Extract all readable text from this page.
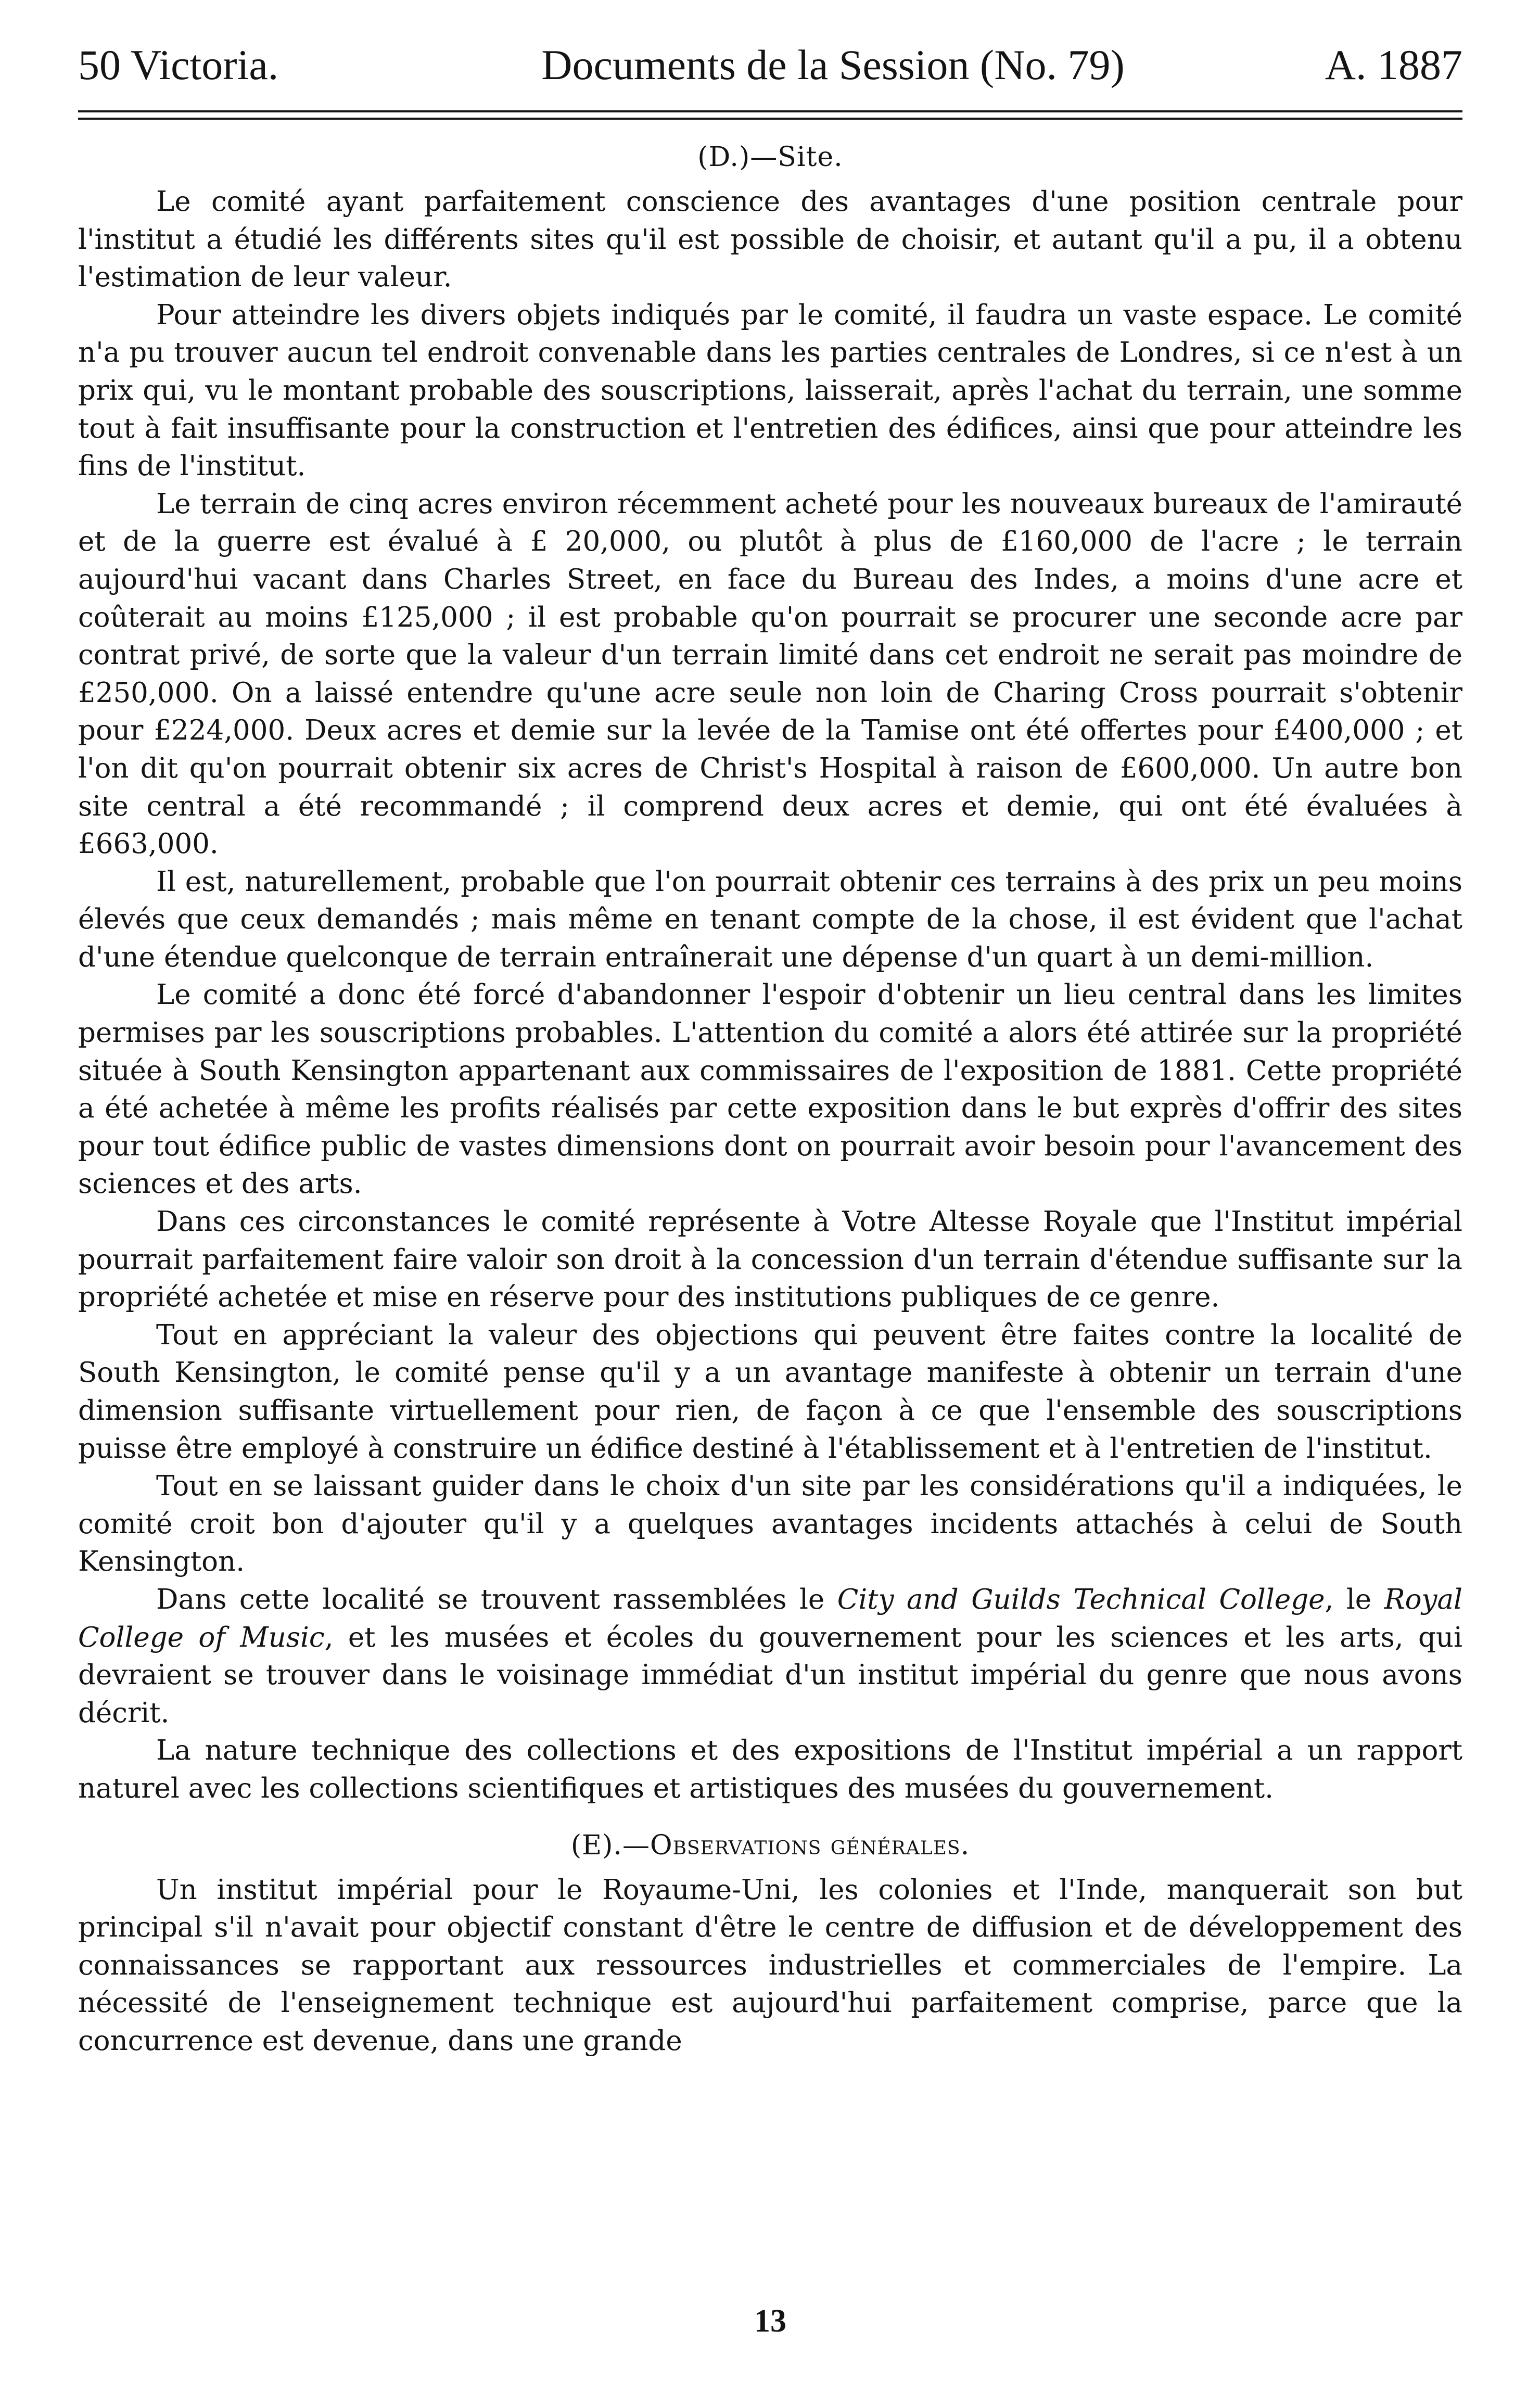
50 Victoria.	Documents de la Session (No. 79)	A. 1887
(D.)—Site.

Le comité ayant parfaitement conscience des avantages d'une position centrale pour l'institut a étudié les différents sites qu'il est possible de choisir, et autant qu'il a pu, il a obtenu l'estimation de leur valeur.

Pour atteindre les divers objets indiqués par le comité, il faudra un vaste espace. Le comité n'a pu trouver aucun tel endroit convenable dans les parties centrales de Londres, si ce n'est à un prix qui, vu le montant probable des souscriptions, laisserait, après l'achat du terrain, une somme tout à fait insuffisante pour la construction et l'entretien des édifices, ainsi que pour atteindre les fins de l'institut.

Le terrain de cinq acres environ récemment acheté pour les nouveaux bureaux de l'amirauté et de la guerre est évalué à £ 20,000, ou plutôt à plus de £160,000 de l'acre ; le terrain aujourd'hui vacant dans Charles Street, en face du Bureau des Indes, a moins d'une acre et coûterait au moins £125,000 ; il est probable qu'on pourrait se procurer une seconde acre par contrat privé, de sorte que la valeur d'un terrain limité dans cet endroit ne serait pas moindre de £250,000. On a laissé entendre qu'une acre seule non loin de Charing Cross pourrait s'obtenir pour £224,000. Deux acres et demie sur la levée de la Tamise ont été offertes pour £400,000 ; et l'on dit qu'on pourrait obtenir six acres de Christ's Hospital à raison de £600,000. Un autre bon site central a été recommandé ; il comprend deux acres et demie, qui ont été évaluées à £663,000.

Il est, naturellement, probable que l'on pourrait obtenir ces terrains à des prix un peu moins élevés que ceux demandés ; mais même en tenant compte de la chose, il est évident que l'achat d'une étendue quelconque de terrain entraînerait une dépense d'un quart à un demi-million.

Le comité a donc été forcé d'abandonner l'espoir d'obtenir un lieu central dans les limites permises par les souscriptions probables. L'attention du comité a alors été attirée sur la propriété située à South Kensington appartenant aux commissaires de l'exposition de 1881. Cette propriété a été achetée à même les profits réalisés par cette exposition dans le but exprès d'offrir des sites pour tout édifice public de vastes dimensions dont on pourrait avoir besoin pour l'avancement des sciences et des arts.

Dans ces circonstances le comité représente à Votre Altesse Royale que l'Institut impérial pourrait parfaitement faire valoir son droit à la concession d'un terrain d'étendue suffisante sur la propriété achetée et mise en réserve pour des institutions publiques de ce genre.

Tout en appréciant la valeur des objections qui peuvent être faites contre la localité de South Kensington, le comité pense qu'il y a un avantage manifeste à obtenir un terrain d'une dimension suffisante virtuellement pour rien, de façon à ce que l'ensemble des souscriptions puisse être employé à construire un édifice destiné à l'établissement et à l'entretien de l'institut.

Tout en se laissant guider dans le choix d'un site par les considérations qu'il a indiquées, le comité croit bon d'ajouter qu'il y a quelques avantages incidents attachés à celui de South Kensington.

Dans cette localité se trouvent rassemblées le City and Guilds Technical College, le Royal College of Music, et les musées et écoles du gouvernement pour les sciences et les arts, qui devraient se trouver dans le voisinage immédiat d'un institut impérial du genre que nous avons décrit.

La nature technique des collections et des expositions de l'Institut impérial a un rapport naturel avec les collections scientifiques et artistiques des musées du gouvernement.

(E).—Observations générales.

Un institut impérial pour le Royaume-Uni, les colonies et l'Inde, manquerait son but principal s'il n'avait pour objectif constant d'être le centre de diffusion et de développement des connaissances se rapportant aux ressources industrielles et commerciales de l'empire. La nécessité de l'enseignement technique est aujourd'hui parfaitement comprise, parce que la concurrence est devenue, dans une grande

13
